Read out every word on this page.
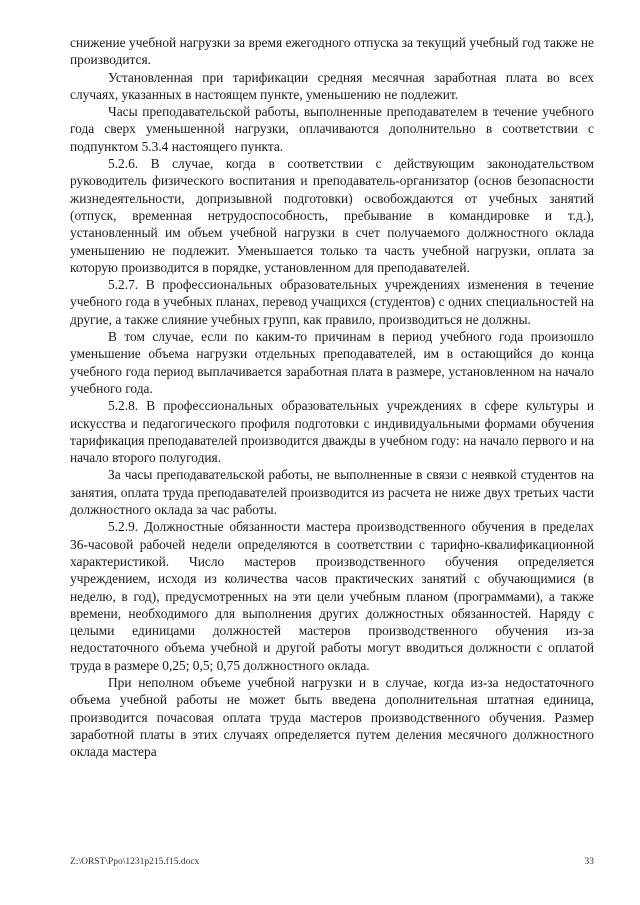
снижение учебной нагрузки за время ежегодного отпуска за текущий учебный год также не производится.

Установленная при тарификации средняя месячная заработная плата во всех случаях, указанных в настоящем пункте, уменьшению не подлежит.

Часы преподавательской работы, выполненные преподавателем в течение учебного года сверх уменьшенной нагрузки, оплачиваются дополнительно в соответствии с подпунктом 5.3.4 настоящего пункта.

5.2.6. В случае, когда в соответствии с действующим законодательством руководитель физического воспитания и преподаватель-организатор (основ безопасности жизнедеятельности, допризывной подготовки) освобождаются от учебных занятий (отпуск, временная нетрудоспособность, пребывание в командировке и т.д.), установленный им объем учебной нагрузки в счет получаемого должностного оклада уменьшению не подлежит. Уменьшается только та часть учебной нагрузки, оплата за которую производится в порядке, установленном для преподавателей.

5.2.7. В профессиональных образовательных учреждениях изменения в течение учебного года в учебных планах, перевод учащихся (студентов) с одних специальностей на другие, а также слияние учебных групп, как правило, производиться не должны.

В том случае, если по каким-то причинам в период учебного года произошло уменьшение объема нагрузки отдельных преподавателей, им в остающийся до конца учебного года период выплачивается заработная плата в размере, установленном на начало учебного года.

5.2.8. В профессиональных образовательных учреждениях в сфере культуры и искусства и педагогического профиля подготовки с индивидуальными формами обучения тарификация преподавателей производится дважды в учебном году: на начало первого и на начало второго полугодия.

За часы преподавательской работы, не выполненные в связи с неявкой студентов на занятия, оплата труда преподавателей производится из расчета не ниже двух третьих части должностного оклада за час работы.

5.2.9. Должностные обязанности мастера производственного обучения в пределах 36-часовой рабочей недели определяются в соответствии с тарифно-квалификационной характеристикой. Число мастеров производственного обучения определяется учреждением, исходя из количества часов практических занятий с обучающимися (в неделю, в год), предусмотренных на эти цели учебным планом (программами), а также времени, необходимого для выполнения других должностных обязанностей. Наряду с целыми единицами должностей мастеров производственного обучения из-за недостаточного объема учебной и другой работы могут вводиться должности с оплатой труда в размере 0,25; 0,5; 0,75 должностного оклада.

При неполном объеме учебной нагрузки и в случае, когда из-за недостаточного объема учебной работы не может быть введена дополнительная штатная единица, производится почасовая оплата труда мастеров производственного обучения. Размер заработной платы в этих случаях определяется путем деления месячного должностного оклада мастера

Z:\ORST\Ppo\1231p215.f15.docx	33
